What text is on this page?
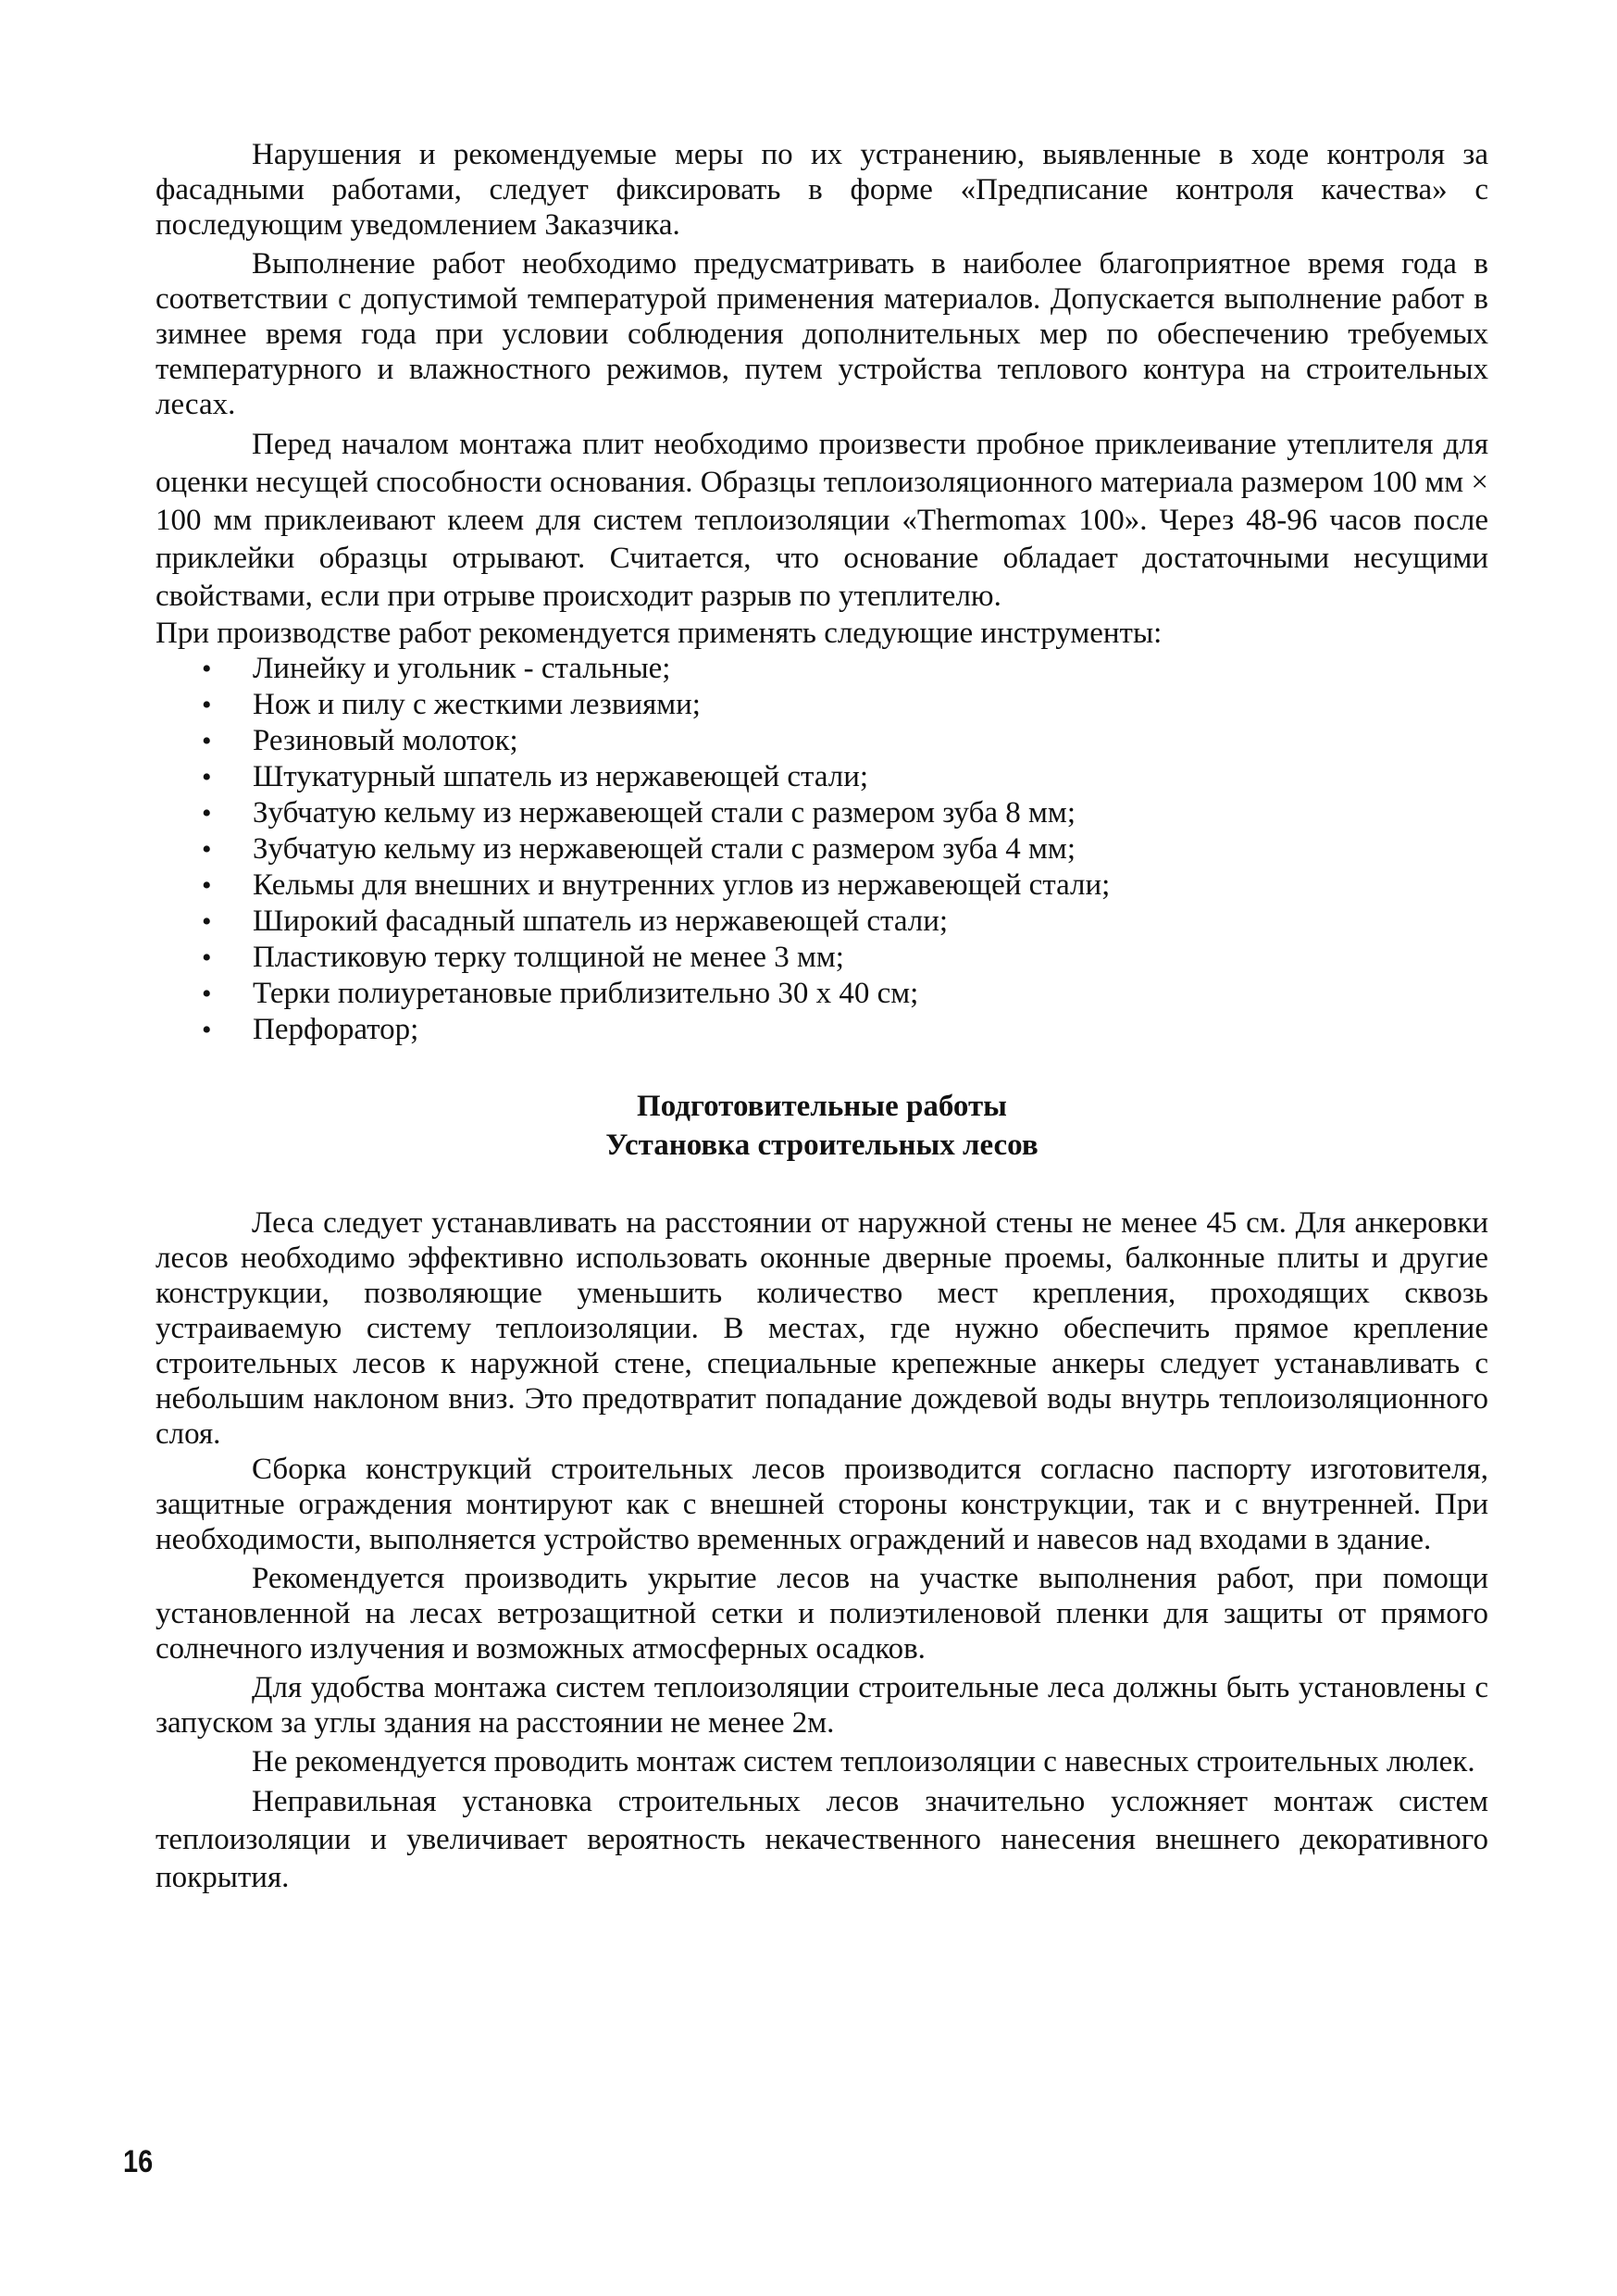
Нарушения и рекомендуемые меры по их устранению, выявленные в ходе контроля за фасадными работами, следует фиксировать в форме «Предписание контроля качества» с последующим уведомлением Заказчика.

Выполнение работ необходимо предусматривать в наиболее благоприятное время года в соответствии с допустимой температурой применения материалов. Допускается выполнение работ в зимнее время года при условии соблюдения дополнительных мер по обеспечению требуемых температурного и влажностного режимов, путем устройства теплового контура на строительных лесах.

Перед началом монтажа плит необходимо произвести пробное приклеивание утеплителя для оценки несущей способности основания. Образцы теплоизоляционного материала размером 100 мм × 100 мм приклеивают клеем для систем теплоизоляции «Thermomax 100». Через 48-96 часов после приклейки образцы отрывают. Считается, что основание обладает достаточными несущими свойствами, если при отрыве происходит разрыв по утеплителю.

При производстве работ рекомендуется применять следующие инструменты:

• Линейку и угольник - стальные;
• Нож и пилу с жесткими лезвиями;
• Резиновый молоток;
• Штукатурный шпатель из нержавеющей стали;
• Зубчатую кельму из нержавеющей стали с размером зуба 8 мм;
• Зубчатую кельму из нержавеющей стали с размером зуба 4 мм;
• Кельмы для внешних и внутренних углов из нержавеющей стали;
• Широкий фасадный шпатель из нержавеющей стали;
• Пластиковую терку толщиной не менее 3 мм;
• Терки полиуретановые приблизительно 30 х 40 см;
• Перфоратор;
Подготовительные работы
Установка строительных лесов

Леса следует устанавливать на расстоянии от наружной стены не менее 45 см. Для анкеровки лесов необходимо эффективно использовать оконные дверные проемы, балконные плиты и другие конструкции, позволяющие уменьшить количество мест крепления, проходящих сквозь устраиваемую систему теплоизоляции. В местах, где нужно обеспечить прямое крепление строительных лесов к наружной стене, специальные крепежные анкеры следует устанавливать с небольшим наклоном вниз. Это предотвратит попадание дождевой воды внутрь теплоизоляционного слоя.

Сборка конструкций строительных лесов производится согласно паспорту изготовителя, защитные ограждения монтируют как с внешней стороны конструкции, так и с внутренней. При необходимости, выполняется устройство временных ограждений и навесов над входами в здание.

Рекомендуется производить укрытие лесов на участке выполнения работ, при помощи установленной на лесах ветрозащитной сетки и полиэтиленовой пленки для защиты от прямого солнечного излучения и возможных атмосферных осадков.

Для удобства монтажа систем теплоизоляции строительные леса должны быть установлены с запуском за углы здания на расстоянии не менее 2м.

Не рекомендуется проводить монтаж систем теплоизоляции с навесных строительных люлек.

Неправильная установка строительных лесов значительно усложняет монтаж систем теплоизоляции и увеличивает вероятность некачественного нанесения внешнего декоративного покрытия.

16
